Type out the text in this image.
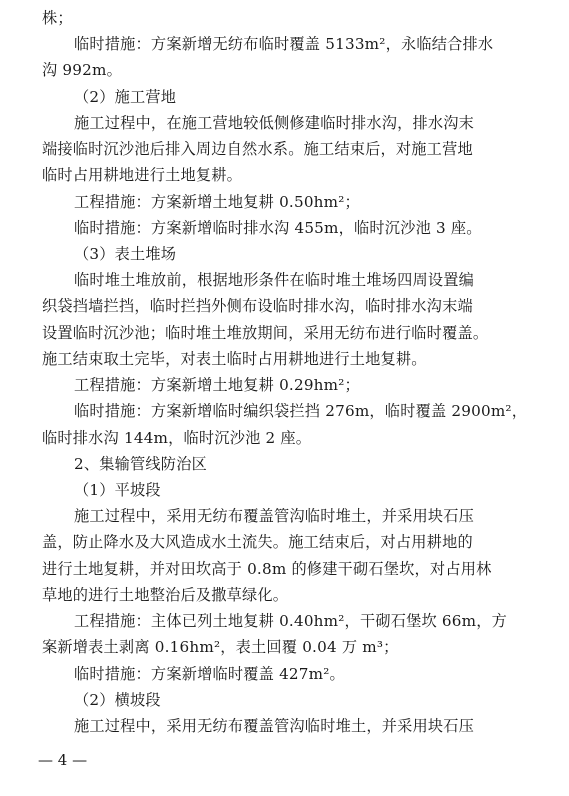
株；
临时措施：方案新增无纺布临时覆盖 5133m²，永临结合排水
沟 992m。
（2）施工营地
施工过程中，在施工营地较低侧修建临时排水沟，排水沟末
端接临时沉沙池后排入周边自然水系。施工结束后，对施工营地
临时占用耕地进行土地复耕。
工程措施：方案新增土地复耕 0.50hm²；
临时措施：方案新增临时排水沟 455m，临时沉沙池 3 座。
（3）表土堆场
临时堆土堆放前，根据地形条件在临时堆土堆场四周设置编
织袋挡墙拦挡，临时拦挡外侧布设临时排水沟，临时排水沟末端
设置临时沉沙池；临时堆土堆放期间，采用无纺布进行临时覆盖。
施工结束取土完毕，对表土临时占用耕地进行土地复耕。
工程措施：方案新增土地复耕 0.29hm²；
临时措施：方案新增临时编织袋拦挡 276m，临时覆盖 2900m²，
临时排水沟 144m，临时沉沙池 2 座。
2、集输管线防治区
（1）平坡段
施工过程中，采用无纺布覆盖管沟临时堆土，并采用块石压
盖，防止降水及大风造成水土流失。施工结束后，对占用耕地的
进行土地复耕，并对田坎高于 0.8m 的修建干砌石堡坎，对占用林
草地的进行土地整治后及撒草绿化。
工程措施：主体已列土地复耕 0.40hm²，干砌石堡坎 66m，方
案新增表土剥离 0.16hm²，表土回覆 0.04 万 m³；
临时措施：方案新增临时覆盖 427m²。
（2）横坡段
施工过程中，采用无纺布覆盖管沟临时堆土，并采用块石压
— 4 —
